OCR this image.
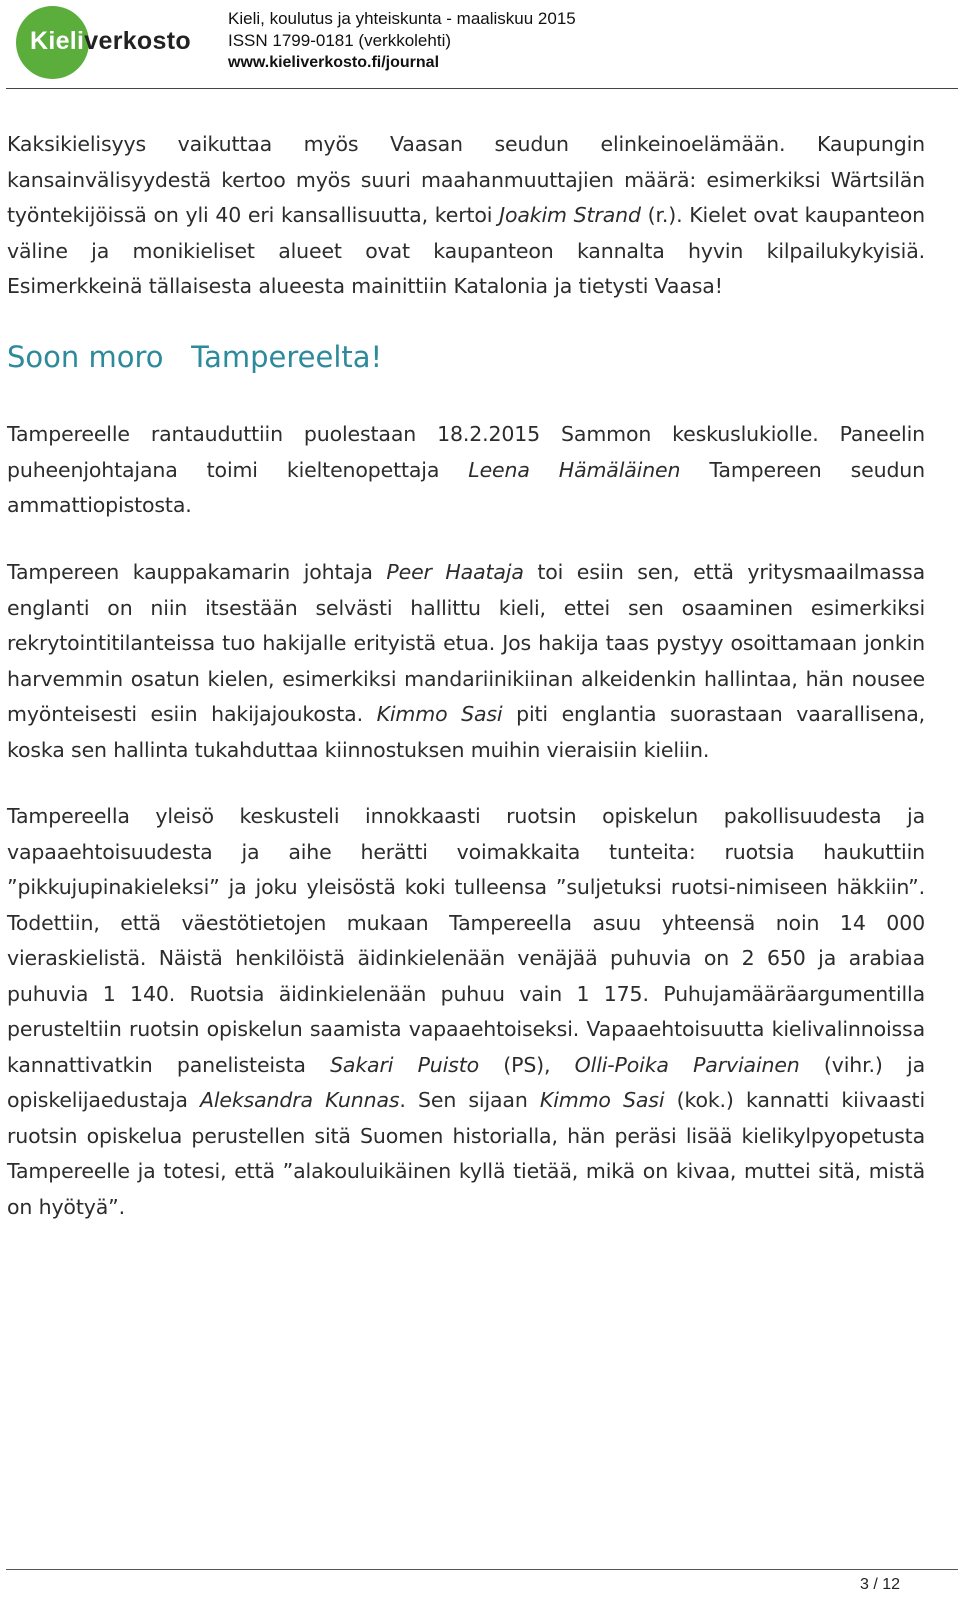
Kieliverkosto
Kieli, koulutus ja yhteiskunta - maaliskuu 2015
ISSN 1799-0181 (verkkolehti)
www.kieliverkosto.fi/journal

Kaksikielisyys vaikuttaa myös Vaasan seudun elinkeinoelämään. Kaupungin kansainvälisyydestä kertoo myös suuri maahanmuuttajien määrä: esimerkiksi Wärtsilän työntekijöissä on yli 40 eri kansallisuutta, kertoi Joakim Strand (r.). Kielet ovat kaupanteon väline ja monikieliset alueet ovat kaupanteon kannalta hyvin kilpailukykyisiä. Esimerkkeinä tällaisesta alueesta mainittiin Katalonia ja tietysti Vaasa!

Soon moro   Tampereelta!

Tampereelle rantauduttiin puolestaan 18.2.2015 Sammon keskuslukiolle. Paneelin puheenjohtajana toimi kieltenopettaja Leena Hämäläinen Tampereen seudun ammattiopistosta.

Tampereen kauppakamarin johtaja Peer Haataja toi esiin sen, että yritysmaailmassa englanti on niin itsestään selvästi hallittu kieli, ettei sen osaaminen esimerkiksi rekrytointitilanteissa tuo hakijalle erityistä etua. Jos hakija taas pystyy osoittamaan jonkin harvemmin osatun kielen, esimerkiksi mandariinikiinan alkeidenkin hallintaa, hän nousee myönteisesti esiin hakijajoukosta. Kimmo Sasi piti englantia suorastaan vaarallisena, koska sen hallinta tukahduttaa kiinnostuksen muihin vieraisiin kieliin.

Tampereella yleisö keskusteli innokkaasti ruotsin opiskelun pakollisuudesta ja vapaaehtoisuudesta ja aihe herätti voimakkaita tunteita: ruotsia haukuttiin ”pikkujupinakieleksi” ja joku yleisöstä koki tulleensa ”suljetuksi ruotsi-nimiseen häkkiin”. Todettiin, että väestötietojen mukaan Tampereella asuu yhteensä noin 14 000 vieraskielistä. Näistä henkilöistä äidinkielenään venäjää puhuvia on 2 650 ja arabiaa puhuvia 1 140. Ruotsia äidinkielenään puhuu vain 1 175. Puhujamääräargumentilla perusteltiin ruotsin opiskelun saamista vapaaehtoiseksi. Vapaaehtoisuutta kielivalinnoissa kannattivatkin panelisteista Sakari Puisto (PS), Olli-Poika Parviainen (vihr.) ja opiskelijaedustaja Aleksandra Kunnas. Sen sijaan Kimmo Sasi (kok.) kannatti kiivaasti ruotsin opiskelua perustellen sitä Suomen historialla, hän peräsi lisää kielikylpyopetusta Tampereelle ja totesi, että ”alakouluikäinen kyllä tietää, mikä on kivaa, muttei sitä, mistä on hyötyä”.

3 / 12
